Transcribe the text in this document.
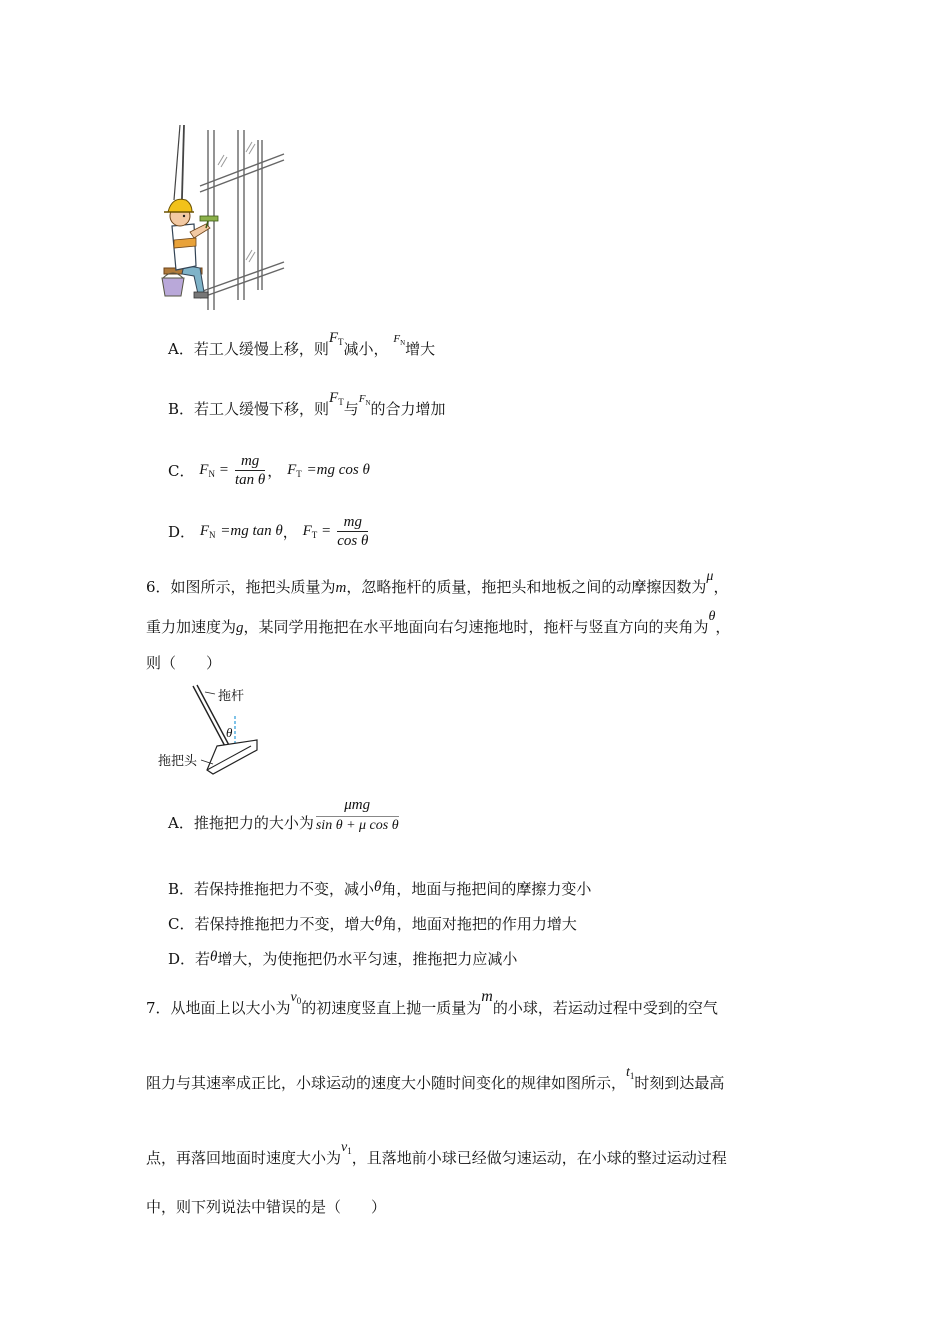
A．若工人缓慢上移，则$F_T$减小， $^{F_N}$增大
B．若工人缓慢下移，则$F_T$与$^{F_N}$的合力增加
C． $F_N = \frac{mg}{\text{tan θ}}$ ， $F_T =mg$ cos θ
D． $F_N =mg$ tan θ， $F_T = \frac{mg}{\text{cos θ}}$
6．如图所示，拖把头质量为m，忽略拖杆的质量，拖把头和地板之间的动摩擦因数为μ，
重力加速度为g，某同学用拖把在水平地面向右匀速拖地时，拖杆与竖直方向的夹角为θ，
则（　　）
拖杆
θ
拖把头
A．推拖把力的大小为 $\frac{\text{μmg}}{\text{sin θ + μ cos θ}}$
B．若保持推拖把力不变，减小θ角，地面与拖把间的摩擦力变小
C．若保持推拖把力不变，增大θ角，地面对拖把的作用力增大
D．若θ增大，为使拖把仍水平匀速，推拖把力应减小
7．从地面上以大小为$v_0$的初速度竖直上抛一质量为m的小球，若运动过程中受到的空气
阻力与其速率成正比，小球运动的速度大小随时间变化的规律如图所示，$t_1$时刻到达最高
点，再落回地面时速度大小为$v_1$，且落地前小球已经做匀速运动，在小球的整过运动过程
中，则下列说法中错误的是（　　）
